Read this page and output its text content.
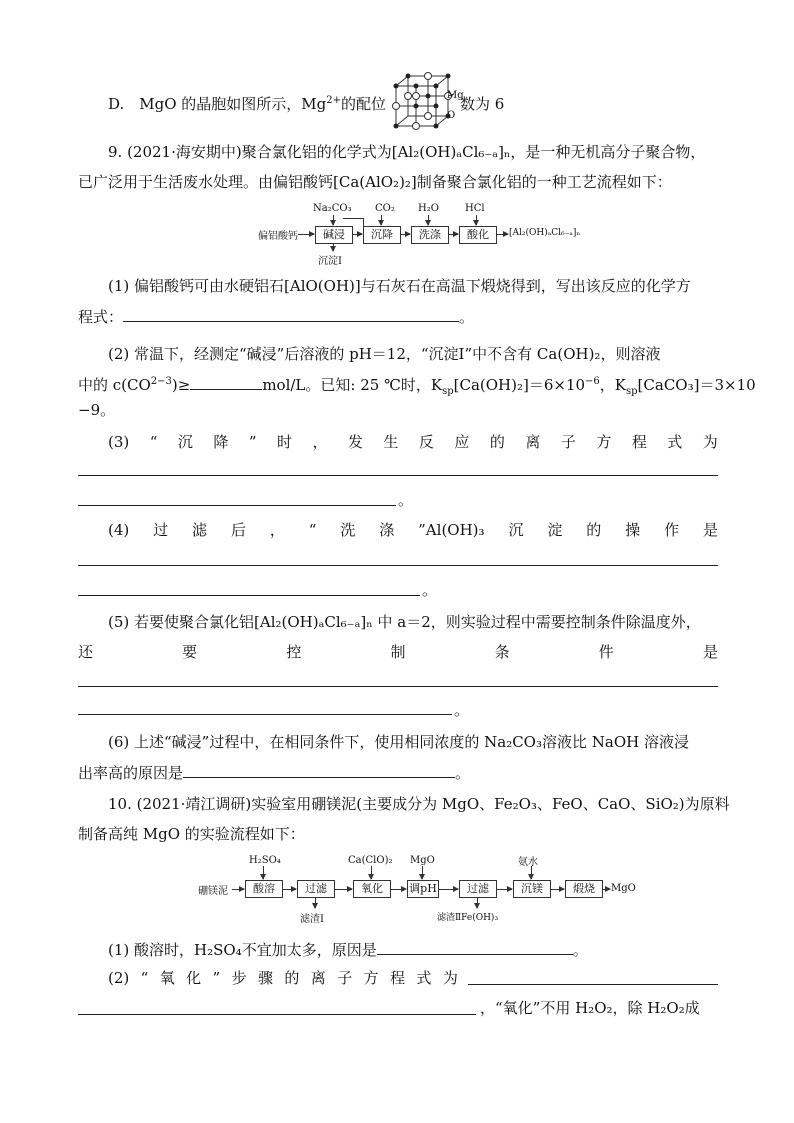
D.　MgO 的晶胞如图所示，$Mg^{2+}$的配位	Mg
O
数为 6
9. (2021·海安期中)聚合氯化铝的化学式为[Al₂(OH)ₐCl₆₋ₐ]ₙ，是一种无机高分子聚合物，
已广泛用于生活废水处理。由偏铝酸钙[Ca(AlO₂)₂]制备聚合氯化铝的一种工艺流程如下：
偏铝酸钙	碱浸	沉降	洗涤	酸化	[Al₂(OH)ₐCl₆₋ₐ]ₙ
Na₂CO₃ CO₂ H₂O	HCl
沉淀Ⅰ
(1) 偏铝酸钙可由水硬铝石[AlO(OH)]与石灰石在高温下煅烧得到，写出该反应的化学方
程式：	。
(2) 常温下，经测定“碱浸”后溶液的 pH＝12，“沉淀Ⅰ”中不含有 Ca(OH)₂，则溶液
中的 $c(CO^{2-3})\ge$	mol/L。已知: 25 ℃时，$K_{sp}[Ca(OH)_2]=6\times 10^{-6}$，$K_{sp}[CaCO_3]=3\times 10$
−9。
(3) “ 沉 降 ” 时 ， 发 生 反 应 的 离 子 方 程 式 为
。
(4) 过 滤 后 ， “ 洗 涤 ”Al(OH)₃ 沉 淀 的 操 作 是
。
(5) 若要使聚合氯化铝[Al₂(OH)ₐCl₆₋ₐ]ₙ 中 a＝2，则实验过程中需要控制条件除温度外，
还	要	控	制	条	件	是
。
(6) 上述“碱浸”过程中，在相同条件下，使用相同浓度的 Na₂CO₃溶液比 NaOH 溶液浸
出率高的原因是	。
10. (2021·靖江调研)实验室用硼镁泥(主要成分为 MgO、Fe₂O₃、FeO、CaO、SiO₂)为原料
制备高纯 MgO 的实验流程如下：
硼镁泥	酸溶	过滤	氧化	调pH	过滤	沉镁	煅烧	MgO
H₂SO₄	Ca(ClO)₂ MgO	氨水
滤渣Ⅰ	滤渣ⅡFe(OH)₃
(1) 酸溶时，H₂SO₄不宜加太多，原因是	。
(2) “ 氧 化 ” 步 骤 的 离 子 方 程 式 为
，“氧化”不用 H₂O₂，除 H₂O₂成
